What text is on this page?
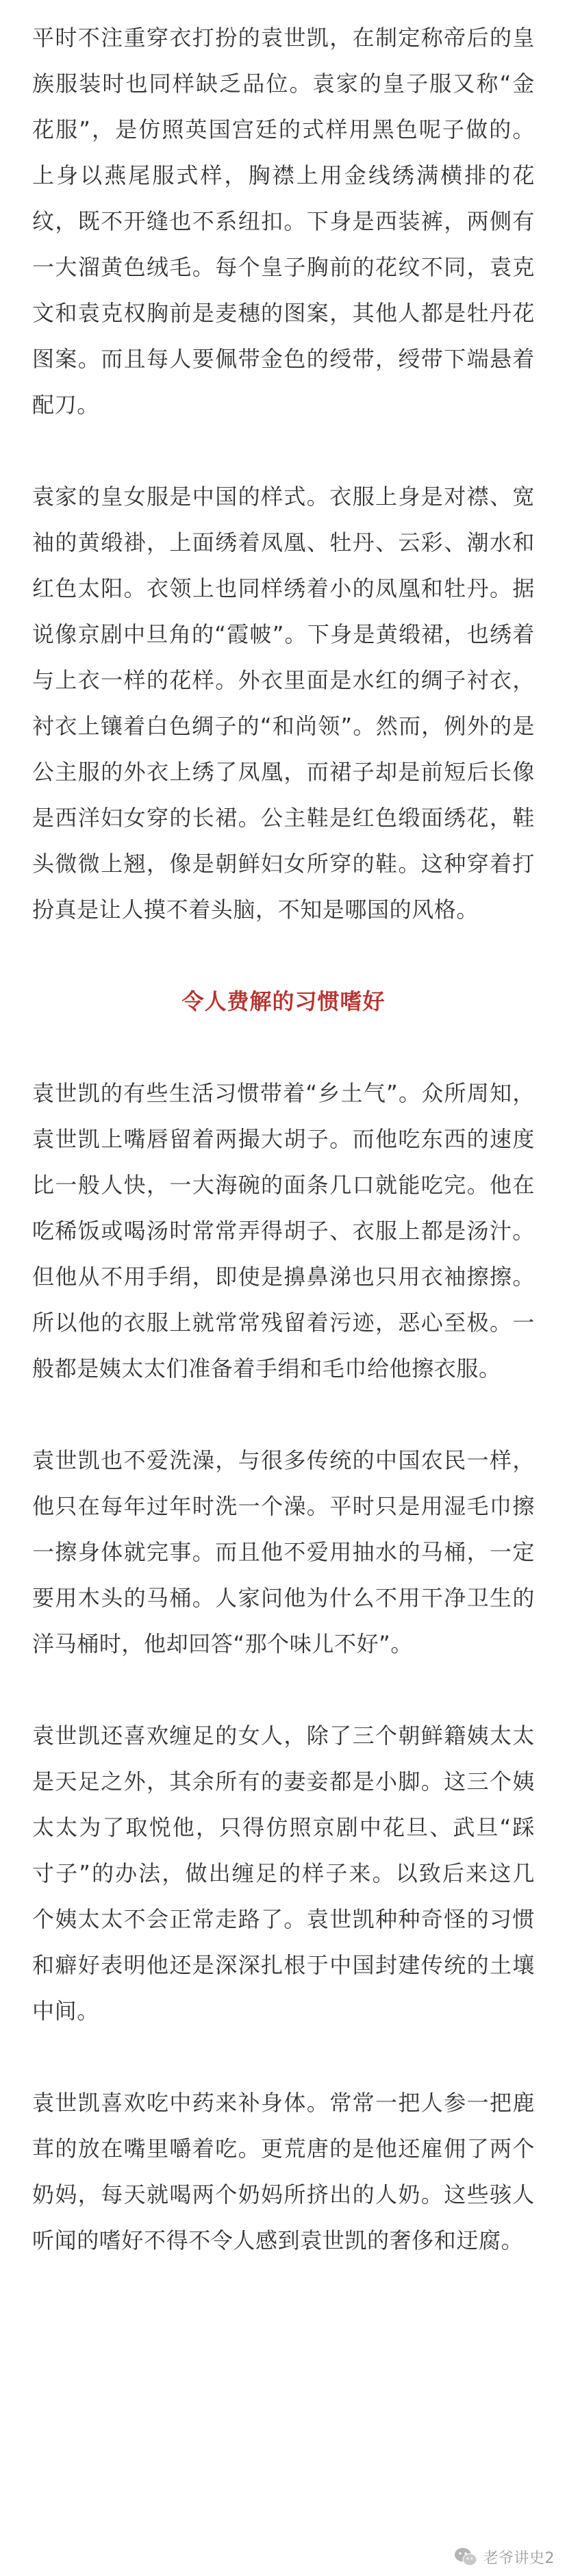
平时不注重穿衣打扮的袁世凯，在制定称帝后的皇族服装时也同样缺乏品位。袁家的皇子服又称“金花服”，是仿照英国宫廷的式样用黑色呢子做的。上身以燕尾服式样，胸襟上用金线绣满横排的花纹，既不开缝也不系纽扣。下身是西装裤，两侧有一大溜黄色绒毛。每个皇子胸前的花纹不同，袁克文和袁克权胸前是麦穗的图案，其他人都是牡丹花图案。而且每人要佩带金色的绶带，绶带下端悬着配刀。

袁家的皇女服是中国的样式。衣服上身是对襟、宽袖的黄缎褂，上面绣着凤凰、牡丹、云彩、潮水和红色太阳。衣领上也同样绣着小的凤凰和牡丹。据说像京剧中旦角的“霞帔”。下身是黄缎裙，也绣着与上衣一样的花样。外衣里面是水红的绸子衬衣，衬衣上镶着白色绸子的“和尚领”。然而，例外的是公主服的外衣上绣了凤凰，而裙子却是前短后长像是西洋妇女穿的长裙。公主鞋是红色缎面绣花，鞋头微微上翘，像是朝鲜妇女所穿的鞋。这种穿着打扮真是让人摸不着头脑，不知是哪国的风格。

令人费解的习惯嗜好

袁世凯的有些生活习惯带着“乡土气”。众所周知，袁世凯上嘴唇留着两撮大胡子。而他吃东西的速度比一般人快，一大海碗的面条几口就能吃完。他在吃稀饭或喝汤时常常弄得胡子、衣服上都是汤汁。但他从不用手绢，即使是擤鼻涕也只用衣袖擦擦。所以他的衣服上就常常残留着污迹，恶心至极。一般都是姨太太们准备着手绢和毛巾给他擦衣服。

袁世凯也不爱洗澡，与很多传统的中国农民一样，他只在每年过年时洗一个澡。平时只是用湿毛巾擦一擦身体就完事。而且他不爱用抽水的马桶，一定要用木头的马桶。人家问他为什么不用干净卫生的洋马桶时，他却回答“那个味儿不好”。

袁世凯还喜欢缠足的女人，除了三个朝鲜籍姨太太是天足之外，其余所有的妻妾都是小脚。这三个姨太太为了取悦他，只得仿照京剧中花旦、武旦“踩寸子”的办法，做出缠足的样子来。以致后来这几个姨太太不会正常走路了。袁世凯种种奇怪的习惯和癖好表明他还是深深扎根于中国封建传统的土壤中间。

袁世凯喜欢吃中药来补身体。常常一把人参一把鹿茸的放在嘴里嚼着吃。更荒唐的是他还雇佣了两个奶妈，每天就喝两个奶妈所挤出的人奶。这些骇人听闻的嗜好不得不令人感到袁世凯的奢侈和迂腐。

老爷讲史2
